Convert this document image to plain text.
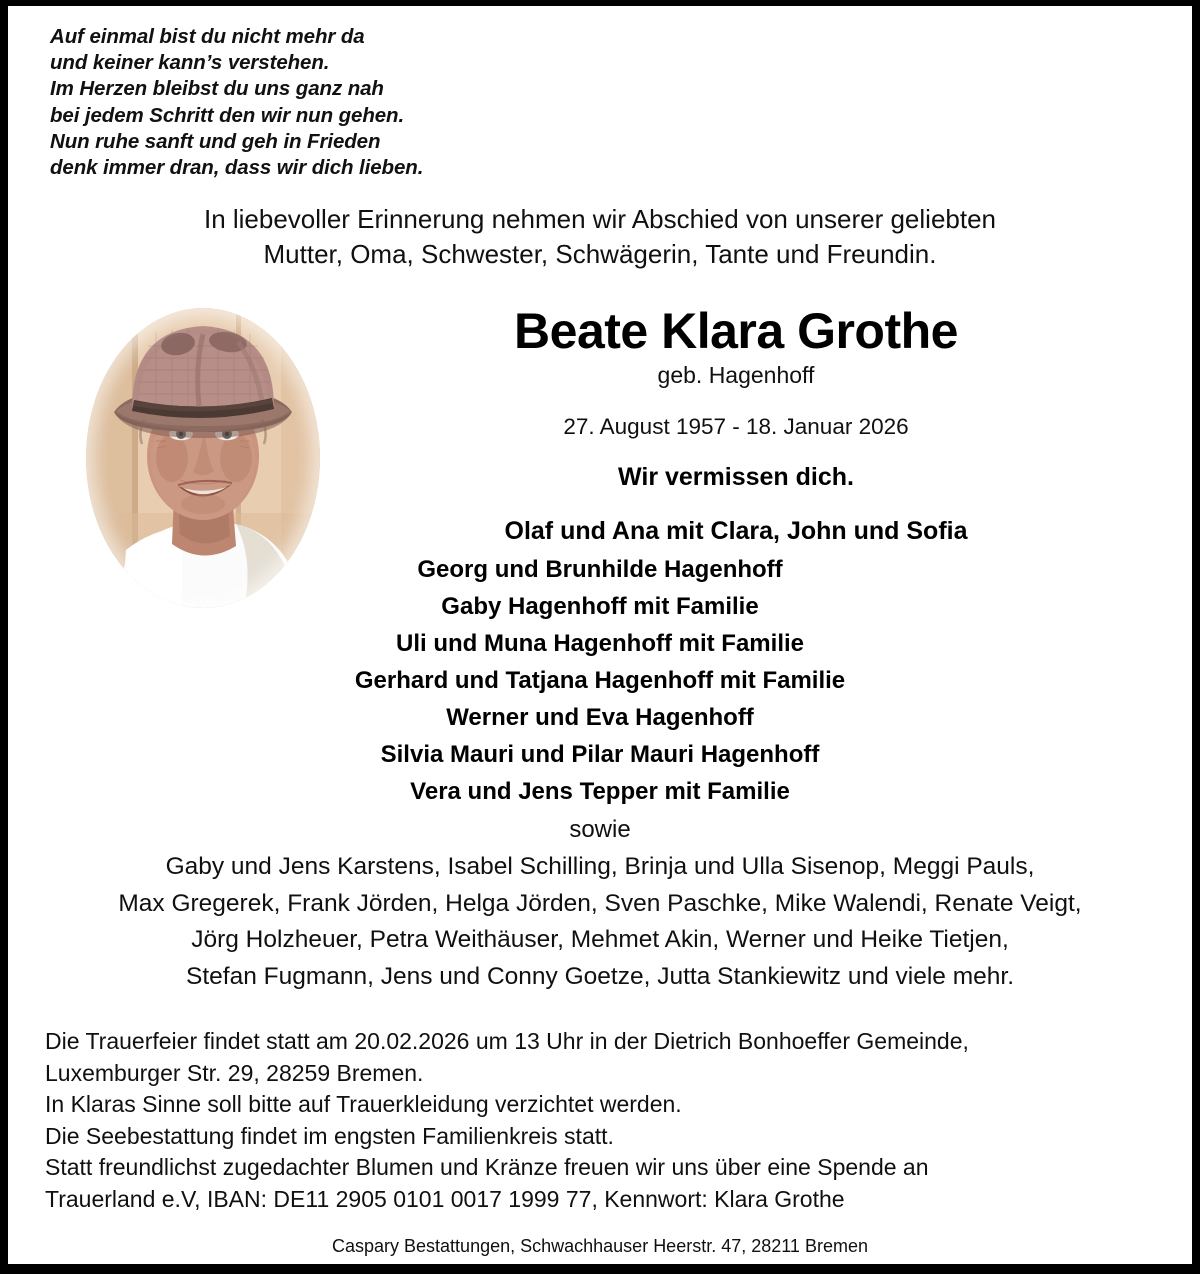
Auf einmal bist du nicht mehr da
und keiner kann’s verstehen.
Im Herzen bleibst du uns ganz nah
bei jedem Schritt den wir nun gehen.
Nun ruhe sanft und geh in Frieden
denk immer dran, dass wir dich lieben.
In liebevoller Erinnerung nehmen wir Abschied von unserer geliebten
Mutter, Oma, Schwester, Schwägerin, Tante und Freundin.
Beate Klara Grothe
geb. Hagenhoff
27. August 1957 - 18. Januar 2026
Wir vermissen dich.
Olaf und Ana mit Clara, John und Sofia
Georg und Brunhilde Hagenhoff
Gaby Hagenhoff mit Familie
Uli und Muna Hagenhoff mit Familie
Gerhard und Tatjana Hagenhoff mit Familie
Werner und Eva Hagenhoff
Silvia Mauri und Pilar Mauri Hagenhoff
Vera und Jens Tepper mit Familie
sowie
Gaby und Jens Karstens, Isabel Schilling, Brinja und Ulla Sisenop, Meggi Pauls,
Max Gregerek, Frank Jörden, Helga Jörden, Sven Paschke, Mike Walendi, Renate Veigt,
Jörg Holzheuer, Petra Weithäuser, Mehmet Akin, Werner und Heike Tietjen,
Stefan Fugmann, Jens und Conny Goetze, Jutta Stankiewitz und viele mehr.
Die Trauerfeier findet statt am 20.02.2026 um 13 Uhr in der Dietrich Bonhoeffer Gemeinde,
Luxemburger Str. 29, 28259 Bremen.
In Klaras Sinne soll bitte auf Trauerkleidung verzichtet werden.
Die Seebestattung findet im engsten Familienkreis statt.
Statt freundlichst zugedachter Blumen und Kränze freuen wir uns über eine Spende an
Trauerland e.V, IBAN: DE11 2905 0101 0017 1999 77, Kennwort: Klara Grothe
Caspary Bestattungen, Schwachhauser Heerstr. 47, 28211 Bremen
